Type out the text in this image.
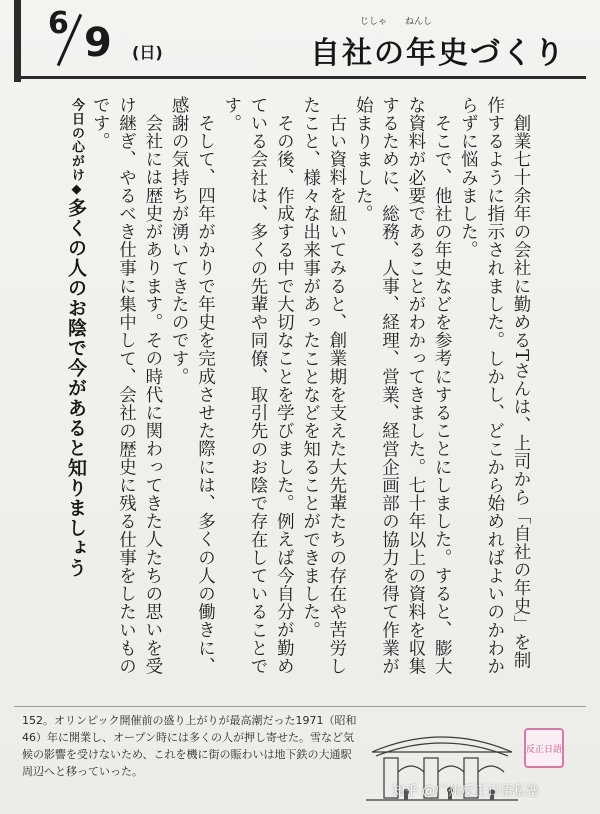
6 9 (日)
じしゃ　　ねんし
自社の年史づくり
今日の心がけ◆多くの人のお陰で今があると知りましょう	創業七十余年の会社に勤めるTさんは、上司から「自社の年史」を制作するように指示されました。しかし、どこから始めればよいのかわからずに悩みました。

そこで、他社の年史などを参考にすることにしました。すると、膨大な資料が必要であることがわかってきました。七十年以上の資料を収集するために、総務、人事、経理、営業、経営企画部の協力を得て作業が始まりました。

古い資料を紐いてみると、創業期を支えた大先輩たちの存在や苦労したこと、様々な出来事があったことなどを知ることができました。

その後、作成する中で大切なことを学びました。例えば今自分が勤めている会社は、多くの先輩や同僚、取引先のお陰で存在していることです。

そして、四年がかりで年史を完成させた際には、多くの人の働きに、感謝の気持ちが湧いてきたのです。

会社には歴史があります。その時代に関わってきた人たちの思いを受け継ぎ、やるべき仕事に集中して、会社の歴史に残る仕事をしたいものです。

152。オリンピック開催前の盛り上がりが最高潮だった1971（昭和46）年に開業し、オープン時には多くの人が押し寄せた。雪など気候の影響を受けないため、これを機に街の賑わいは地下鉄の大通駅周辺へと移っていった。
反正日語
知乎 @广州反正日语私塾
